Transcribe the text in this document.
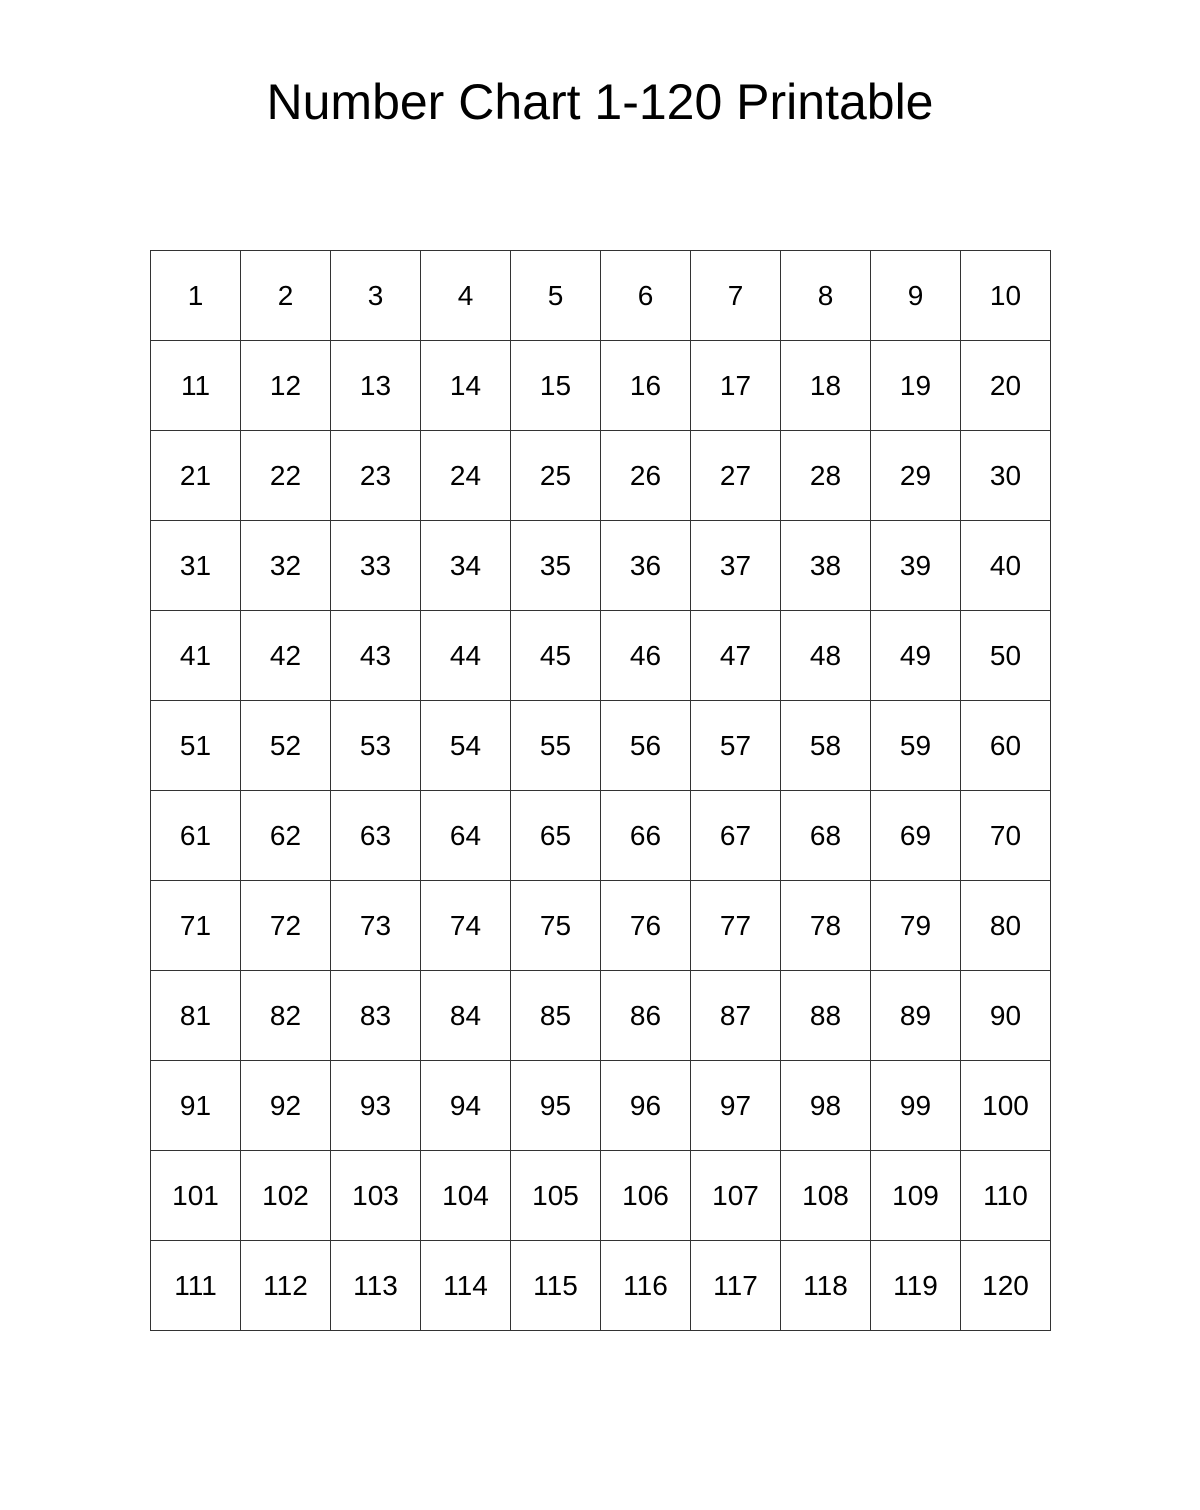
Number Chart 1-120 Printable
1	2	3	4	5	6	7	8	9	10
11	12	13	14	15	16	17	18	19	20
21	22	23	24	25	26	27	28	29	30
31	32	33	34	35	36	37	38	39	40
41	42	43	44	45	46	47	48	49	50
51	52	53	54	55	56	57	58	59	60
61	62	63	64	65	66	67	68	69	70
71	72	73	74	75	76	77	78	79	80
81	82	83	84	85	86	87	88	89	90
91	92	93	94	95	96	97	98	99	100
101	102	103	104	105	106	107	108	109	110
111	112	113	114	115	116	117	118	119	120
